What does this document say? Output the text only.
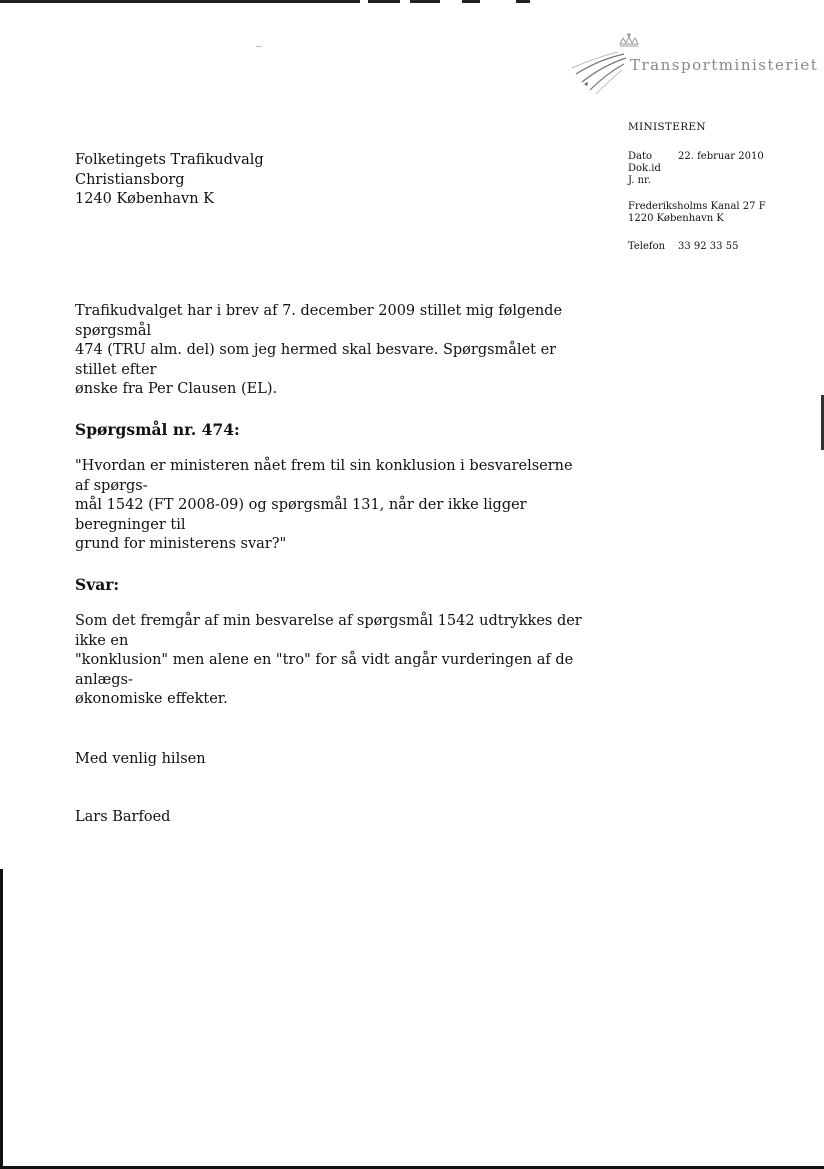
Transportministeriet
MINISTEREN
Dato	22. februar 2010
Dok.id
J. nr.
Frederiksholms Kanal 27 F
1220 København K
Telefon	33 92 33 55
Folketingets Trafikudvalg
Christiansborg
1240 København K

Trafikudvalget har i brev af 7. december 2009 stillet mig følgende spørgsmål

474 (TRU alm. del) som jeg hermed skal besvare. Spørgsmålet er stillet efter

ønske fra Per Clausen (EL).

Spørgsmål nr. 474:

"Hvordan er ministeren nået frem til sin konklusion i besvarelserne af spørgs-

mål 1542 (FT 2008-09) og spørgsmål 131, når der ikke ligger beregninger til

grund for ministerens svar?"

Svar:

Som det fremgår af min besvarelse af spørgsmål 1542 udtrykkes der ikke en

"konklusion" men alene en "tro" for så vidt angår vurderingen af de anlægs-

økonomiske effekter.

Med venlig hilsen

Lars Barfoed
